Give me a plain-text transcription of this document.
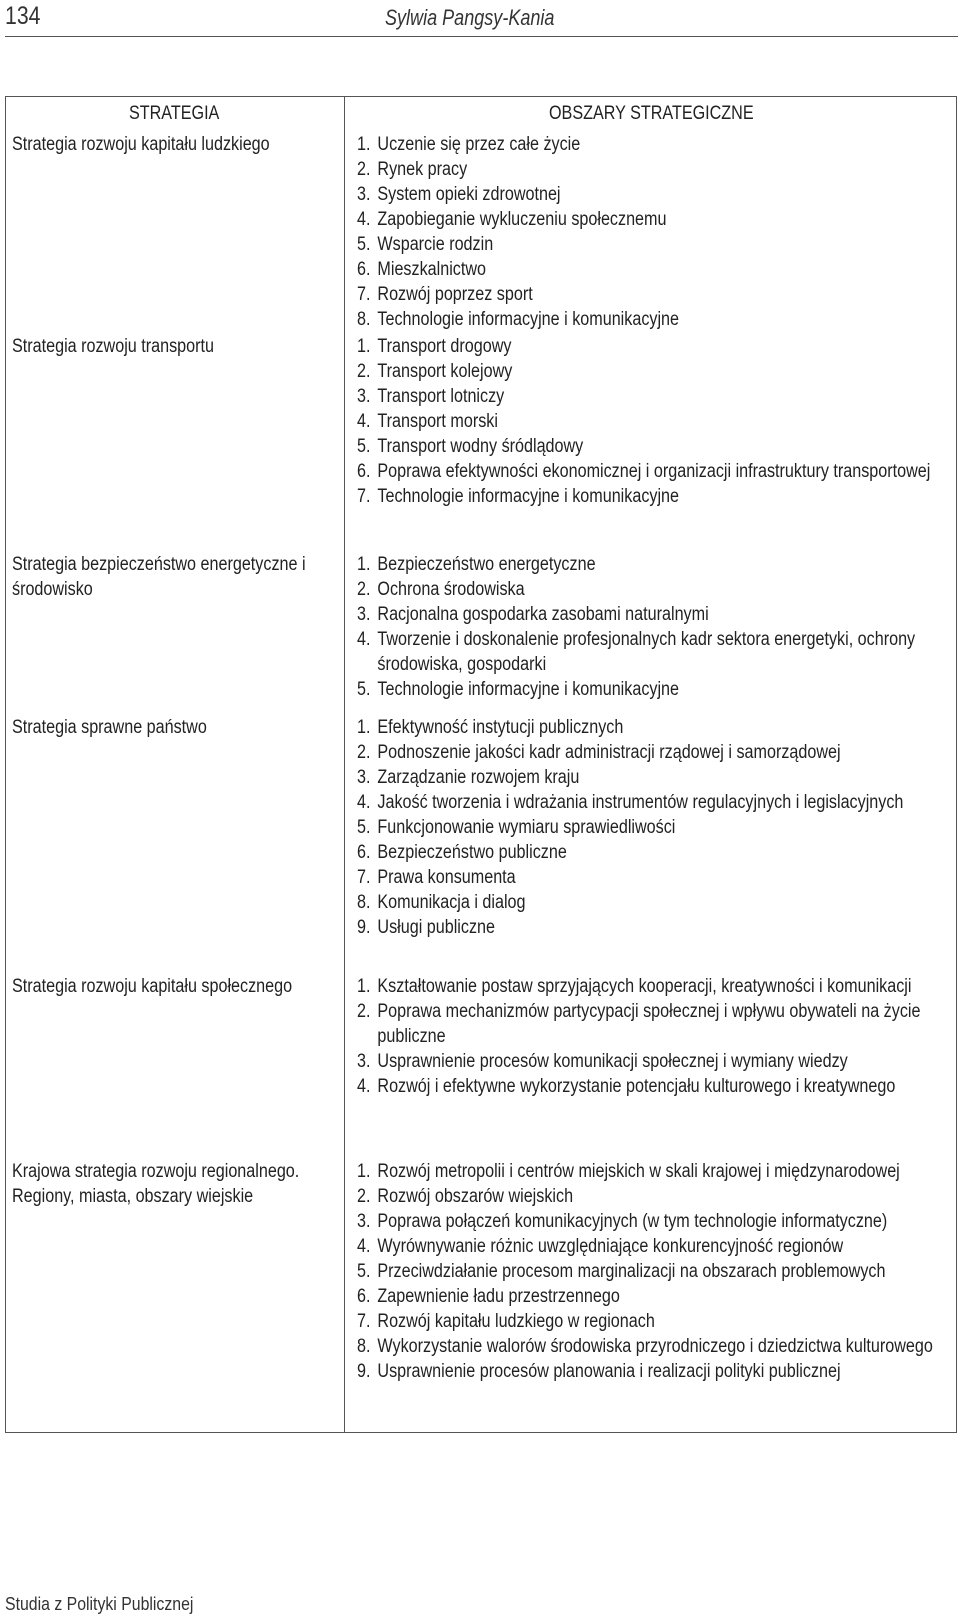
134	Sylwia Pangsy-Kania
STRATEGIA	OBSZARY STRATEGICZNE
Strategia rozwoju kapitału ludzkiego	1. Uczenie się przez całe życie
2. Rynek pracy
3. System opieki zdrowotnej
4. Zapobieganie wykluczeniu społecznemu
5. Wsparcie rodzin
6. Mieszkalnictwo
7. Rozwój poprzez sport
8. Technologie informacyjne i komunikacyjne
Strategia rozwoju transportu	1. Transport drogowy
2. Transport kolejowy
3. Transport lotniczy
4. Transport morski
5. Transport wodny śródlądowy
6. Poprawa efektywności ekonomicznej i organizacji infrastruktury transportowej
7. Technologie informacyjne i komunikacyjne
Strategia bezpieczeństwo energetyczne i środowisko
1. Bezpieczeństwo energetyczne
2. Ochrona środowiska
3. Racjonalna gospodarka zasobami naturalnymi
4. Tworzenie i doskonalenie profesjonalnych kadr sektora energetyki, ochrony środowiska, gospodarki
5. Technologie informacyjne i komunikacyjne
Strategia sprawne państwo	1. Efektywność instytucji publicznych
2. Podnoszenie jakości kadr administracji rządowej i samorządowej
3. Zarządzanie rozwojem kraju
4. Jakość tworzenia i wdrażania instrumentów regulacyjnych i legislacyjnych
5. Funkcjonowanie wymiaru sprawiedliwości
6. Bezpieczeństwo publiczne
7. Prawa konsumenta
8. Komunikacja i dialog
9. Usługi publiczne
Strategia rozwoju kapitału społecznego	1. Kształtowanie postaw sprzyjających kooperacji, kreatywności i komunikacji
2. Poprawa mechanizmów partycypacji społecznej i wpływu obywateli na życie publiczne
3. Usprawnienie procesów komunikacji społecznej i wymiany wiedzy
4. Rozwój i efektywne wykorzystanie potencjału kulturowego i kreatywnego
Krajowa strategia rozwoju regionalnego. Regiony, miasta, obszary wiejskie
1. Rozwój metropolii i centrów miejskich w skali krajowej i międzynarodowej
2. Rozwój obszarów wiejskich
3. Poprawa połączeń komunikacyjnych (w tym technologie informatyczne)
4. Wyrównywanie różnic uwzględniające konkurencyjność regionów
5. Przeciwdziałanie procesom marginalizacji na obszarach problemowych
6. Zapewnienie ładu przestrzennego
7. Rozwój kapitału ludzkiego w regionach
8. Wykorzystanie walorów środowiska przyrodniczego i dziedzictwa kulturowego
9. Usprawnienie procesów planowania i realizacji polityki publicznej
Studia z Polityki Publicznej
